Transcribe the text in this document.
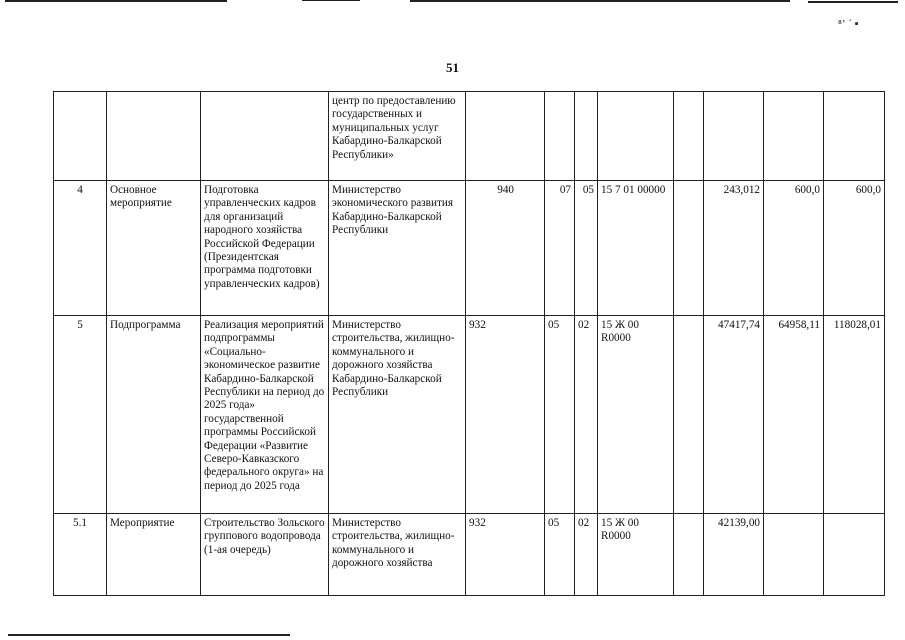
⁸ʼ ˊ ▪
51
			центр по предоставлению государственных и муниципальных услуг Кабардино-Балкарской Республики»								
4	Основное мероприятие	Подготовка управленческих кадров для организаций народного хозяйства Российской Федерации (Президентская программа подготовки управленческих кадров)	Министерство экономического развития Кабардино-Балкарской Республики	940	07	05	15 7 01 00000		243,012	600,0	600,0
5	Подпрограмма	Реализация мероприятий подпрограммы «Социально-экономическое развитие Кабардино-Балкарской Республики на период до 2025 года» государственной программы Российской Федерации «Развитие Северо-Кавказского федерального округа» на период до 2025 года	Министерство строительства, жилищно-коммунального и дорожного хозяйства Кабардино-Балкарской Республики	932	05	02	15 Ж 00 R0000		47417,74	64958,11	118028,01
5.1	Мероприятие	Строительство Зольского группового водопровода (1-ая очередь)	Министерство строительства, жилищно-коммунального и дорожного хозяйства	932	05	02	15 Ж 00 R0000		42139,00		
